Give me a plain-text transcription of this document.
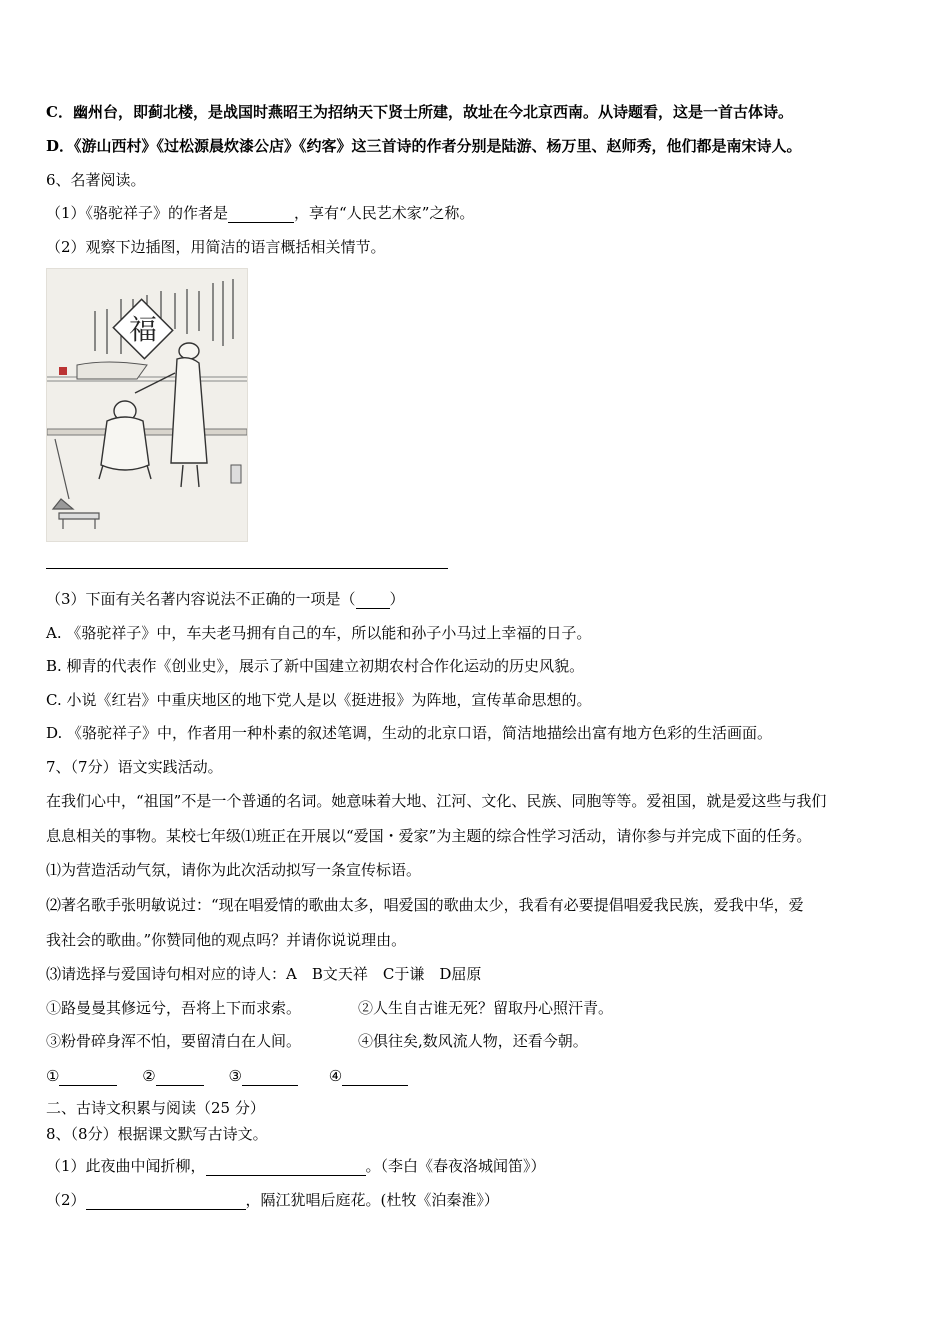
C．幽州台，即蓟北楼，是战国时燕昭王为招纳天下贤士所建，故址在今北京西南。从诗题看，这是一首古体诗。
D．《游山西村》《过松源晨炊漆公店》《约客》这三首诗的作者分别是陆游、杨万里、赵师秀，他们都是南宋诗人。
6、名著阅读。
（1）《骆驼祥子》的作者是	，享有“人民艺术家”之称。
（2）观察下边插图，用简洁的语言概括相关情节。
福
（3）下面有关名著内容说法不正确的一项是（ ）
A. 《骆驼祥子》中，车夫老马拥有自己的车，所以能和孙子小马过上幸福的日子。
B. 柳青的代表作《创业史》，展示了新中国建立初期农村合作化运动的历史风貌。
C. 小说《红岩》中重庆地区的地下党人是以《挺进报》为阵地，宣传革命思想的。
D. 《骆驼祥子》中，作者用一种朴素的叙述笔调，生动的北京口语，简洁地描绘出富有地方色彩的生活画面。
7、（7分）语文实践活动。
在我们心中，“祖国”不是一个普通的名词。她意味着大地、江河、文化、民族、同胞等等。爱祖国，就是爱这些与我们
息息相关的事物。某校七年级⑴班正在开展以“爱国・爱家”为主题的综合性学习活动，请你参与并完成下面的任务。
⑴为营造活动气氛，请你为此次活动拟写一条宣传标语。
⑵著名歌手张明敏说过：“现在唱爱情的歌曲太多，唱爱国的歌曲太少，我看有必要提倡唱爱我民族，爱我中华，爱
我社会的歌曲。”你赞同他的观点吗？并请你说说理由。
⑶请选择与爱国诗句相对应的诗人：A　B文天祥　C于谦　D屈原
①路曼曼其修远兮，吾将上下而求索。	②人生自古谁无死？留取丹心照汗青。
③粉骨碎身浑不怕，要留清白在人间。	④俱往矣,数风流人物，还看今朝。
①	②	③	④
二、古诗文积累与阅读（25 分）
8、（8分）根据课文默写古诗文。
（1）此夜曲中闻折柳，	。（李白《春夜洛城闻笛》）
（2）	，隔江犹唱后庭花。(杜牧《泊秦淮》）
